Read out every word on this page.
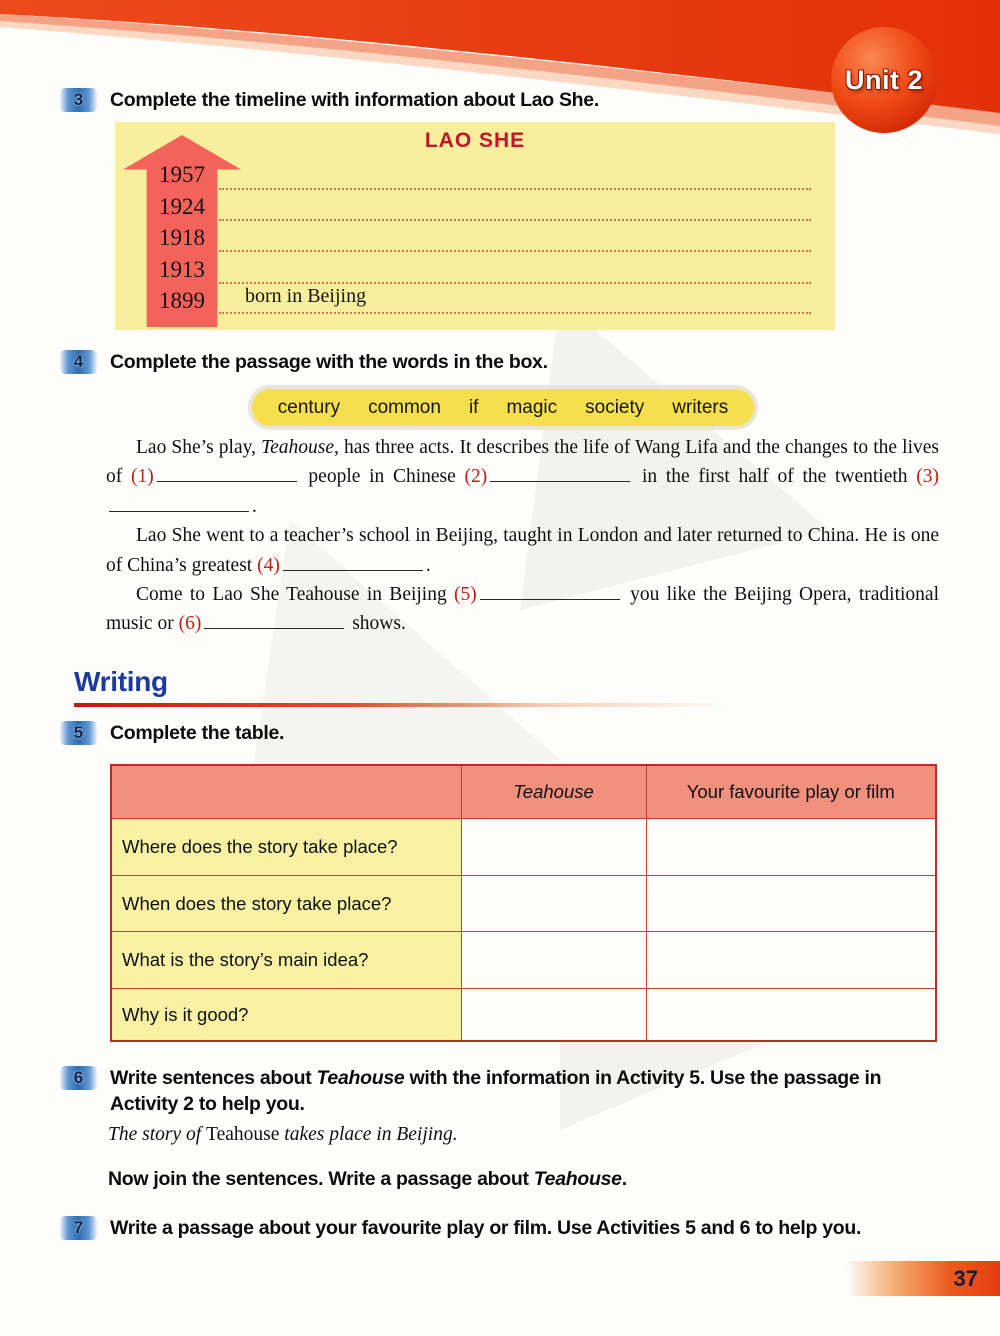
Unit 2
3	Complete the timeline with information about Lao She.
LAO SHE
1957
1924
1918
1913
1899	born in Beijing
4	Complete the passage with the words in the box.
century common if magic society writers

Lao She’s play, Teahouse, has three acts. It describes the life of Wang Lifa and the changes to the lives of (1)	people in Chinese (2)	in the first half of the twentieth (3).

Lao She went to a teacher’s school in Beijing, taught in London and later returned to China. He is one of China’s greatest (4)	.

Come to Lao She Teahouse in Beijing (5)	you like the Beijing Opera, traditional music or (6)	shows.

Writing
5	Complete the table.
	Teahouse	Your favourite play or film
Where does the story take place?		
When does the story take place?		
What is the story’s main idea?		
Why is it good?		
6	Write sentences about Teahouse with the information in Activity 5. Use the passage in Activity 2 to help you.
The story of Teahouse takes place in Beijing.
Now join the sentences. Write a passage about Teahouse.
7	Write a passage about your favourite play or film. Use Activities 5 and 6 to help you.
37
